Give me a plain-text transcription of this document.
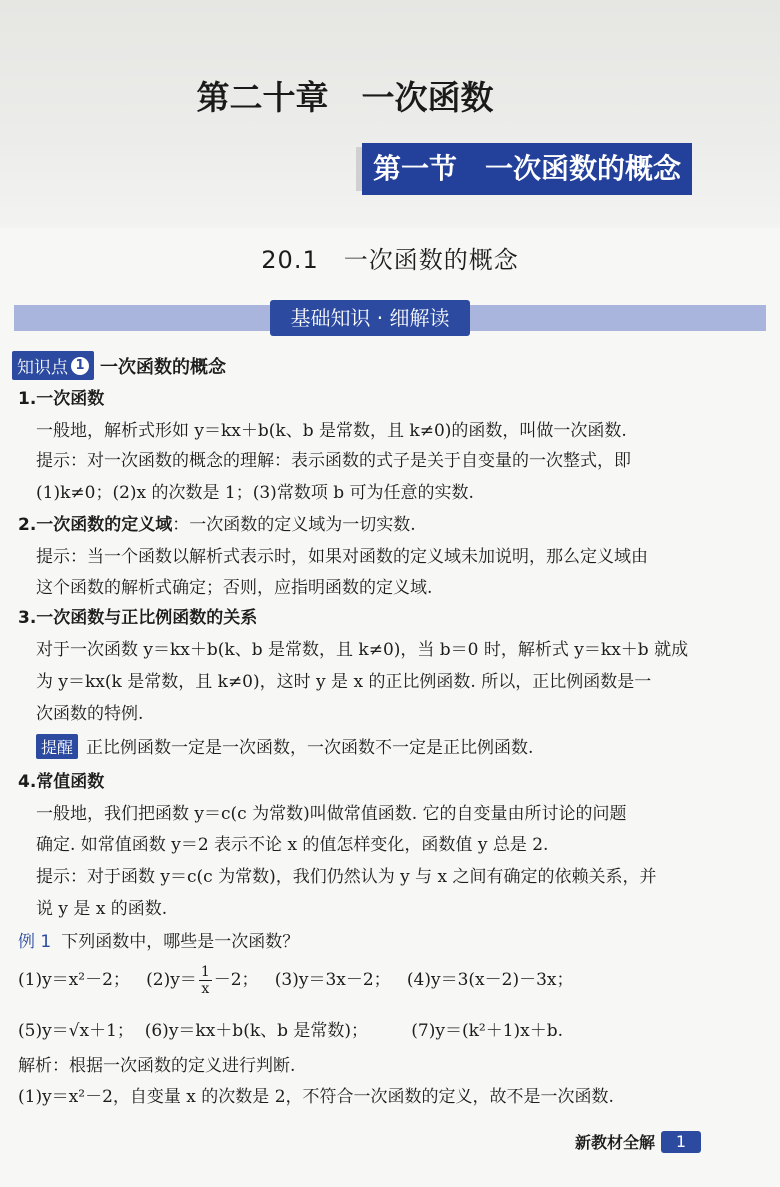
第二十章　一次函数
第一节　一次函数的概念
20.1　一次函数的概念
基础知识 · 细解读
知识点 1 一次函数的概念
1.一次函数
一般地，解析式形如 y＝kx＋b(k、b 是常数，且 k≠0)的函数，叫做一次函数.
提示：对一次函数的概念的理解：表示函数的式子是关于自变量的一次整式，即
(1)k≠0；(2)x 的次数是 1；(3)常数项 b 可为任意的实数.
2.一次函数的定义域：一次函数的定义域为一切实数.
提示：当一个函数以解析式表示时，如果对函数的定义域未加说明，那么定义域由
这个函数的解析式确定；否则，应指明函数的定义域.
3.一次函数与正比例函数的关系
对于一次函数 y＝kx＋b(k、b 是常数，且 k≠0)，当 b＝0 时，解析式 y＝kx＋b 就成
为 y＝kx(k 是常数，且 k≠0)，这时 y 是 x 的正比例函数. 所以，正比例函数是一
次函数的特例.
提醒 正比例函数一定是一次函数，一次函数不一定是正比例函数.
4.常值函数
一般地，我们把函数 y＝c(c 为常数)叫做常值函数. 它的自变量由所讨论的问题
确定. 如常值函数 y＝2 表示不论 x 的值怎样变化，函数值 y 总是 2.
提示：对于函数 y＝c(c 为常数)，我们仍然认为 y 与 x 之间有确定的依赖关系，并
说 y 是 x 的函数.
例 1 下列函数中，哪些是一次函数？
(1)y＝x²－2； $(2)y= \frac{1}{x} -2$； (3)y＝3x－2； (4)y＝3(x－2)－3x；
(5)y＝√x＋1； (6)y＝kx＋b(k、b 是常数)；	(7)y＝(k²＋1)x＋b.
解析：根据一次函数的定义进行判断.
(1)y＝x²－2，自变量 x 的次数是 2，不符合一次函数的定义，故不是一次函数.
新教材全解	1
